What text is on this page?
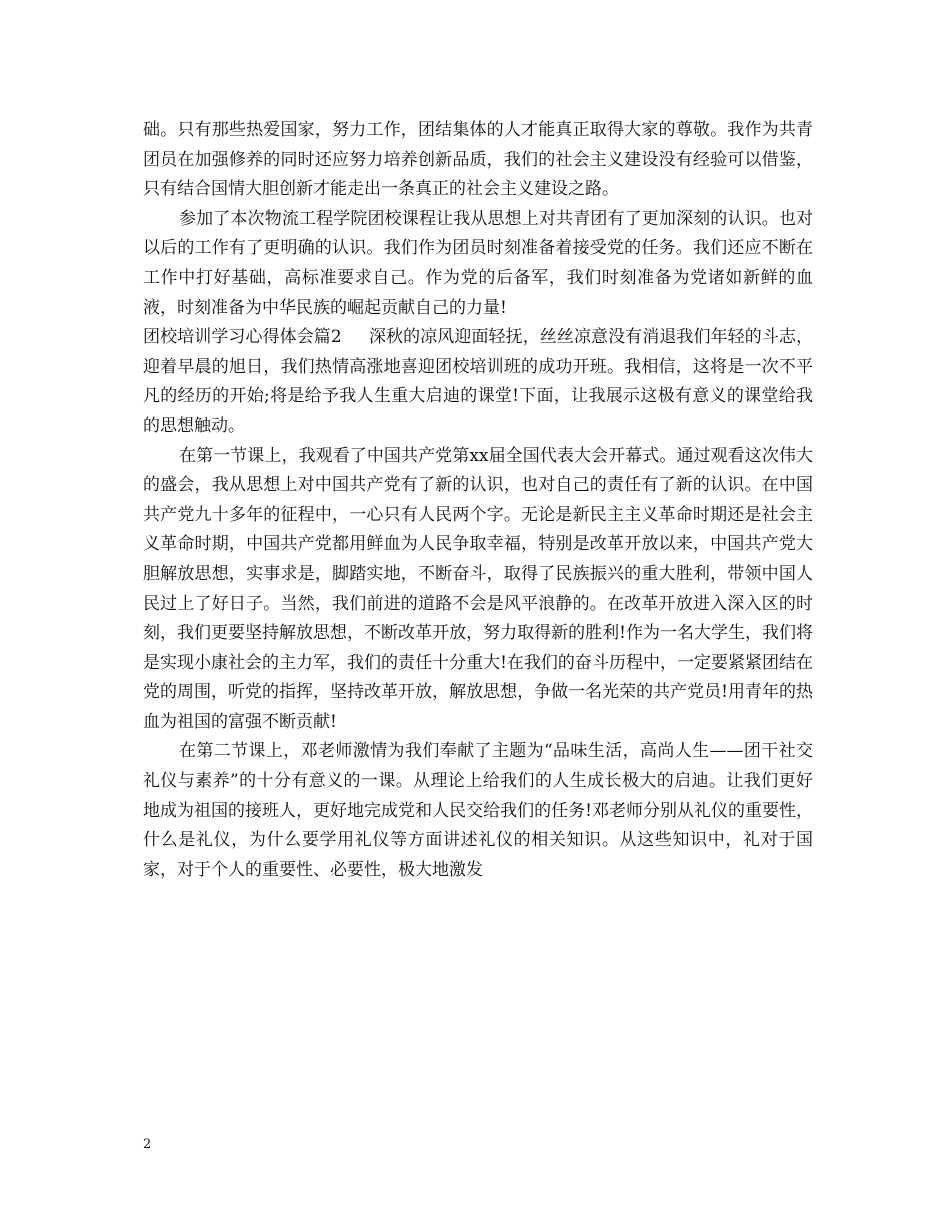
础。只有那些热爱国家，努力工作，团结集体的人才能真正取得大家的尊敬。我作为共青团员在加强修养的同时还应努力培养创新品质，我们的社会主义建设没有经验可以借鉴，只有结合国情大胆创新才能走出一条真正的社会主义建设之路。

参加了本次物流工程学院团校课程让我从思想上对共青团有了更加深刻的认识。也对以后的工作有了更明确的认识。我们作为团员时刻准备着接受党的任务。我们还应不断在工作中打好基础，高标准要求自己。作为党的后备军，我们时刻准备为党诸如新鲜的血液，时刻准备为中华民族的崛起贡献自己的力量!

团校培训学习心得体会篇2 深秋的凉风迎面轻抚，丝丝凉意没有消退我们年轻的斗志，迎着早晨的旭日，我们热情高涨地喜迎团校培训班的成功开班。我相信，这将是一次不平凡的经历的开始;将是给予我人生重大启迪的课堂!下面，让我展示这极有意义的课堂给我的思想触动。

在第一节课上，我观看了中国共产党第xx届全国代表大会开幕式。通过观看这次伟大的盛会，我从思想上对中国共产党有了新的认识，也对自己的责任有了新的认识。在中国共产党九十多年的征程中，一心只有人民两个字。无论是新民主主义革命时期还是社会主义革命时期，中国共产党都用鲜血为人民争取幸福，特别是改革开放以来，中国共产党大胆解放思想，实事求是，脚踏实地，不断奋斗，取得了民族振兴的重大胜利，带领中国人民过上了好日子。当然，我们前进的道路不会是风平浪静的。在改革开放进入深入区的时刻，我们更要坚持解放思想，不断改革开放，努力取得新的胜利!作为一名大学生，我们将是实现小康社会的主力军，我们的责任十分重大!在我们的奋斗历程中，一定要紧紧团结在党的周围，听党的指挥，坚持改革开放，解放思想，争做一名光荣的共产党员!用青年的热血为祖国的富强不断贡献!

在第二节课上，邓老师激情为我们奉献了主题为“品味生活，高尚人生——团干社交礼仪与素养”的十分有意义的一课。从理论上给我们的人生成长极大的启迪。让我们更好地成为祖国的接班人，更好地完成党和人民交给我们的任务!邓老师分别从礼仪的重要性，什么是礼仪，为什么要学用礼仪等方面讲述礼仪的相关知识。从这些知识中，礼对于国家，对于个人的重要性、必要性，极大地激发

2
